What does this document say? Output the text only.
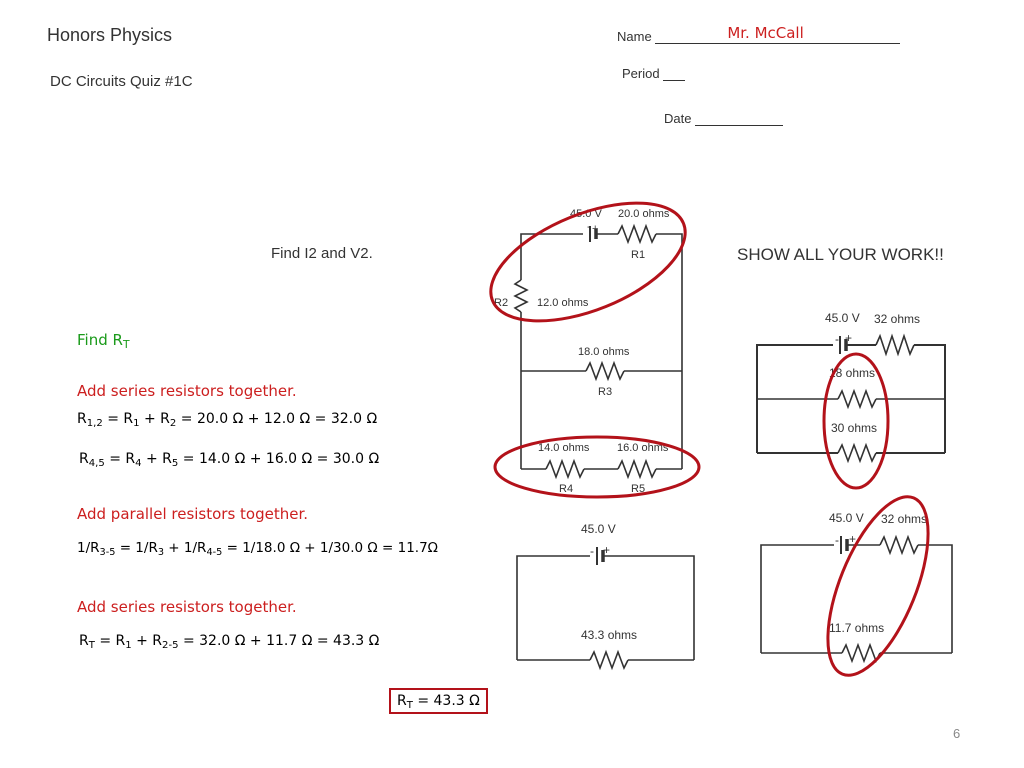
Honors Physics
DC Circuits Quiz #1C
Name	Mr. McCall
Period
Date
Find I2 and V2.	SHOW ALL YOUR WORK!!
Find $R_T$
Add series resistors together.
$R_{1,2} = R_1 + R_2 = 20.0$ Ω + 12.0 Ω = 32.0 Ω
$R_{4,5} = R_4 + R_5 = 14.0$ Ω + 16.0 Ω = 30.0 Ω
Add parallel resistors together.
$1/R_{3-5} = 1/R_3 + 1/R_{4-5} = 1/18.0$ Ω + 1/30.0 Ω = 11.7Ω
Add series resistors together.
$R_T = R_1 + R_{2-5} = 32.0$ Ω + 11.7 Ω = 43.3 Ω
$R_T = 43.3$ Ω
- +
45.0 V 20.0 ohms
R1
R2	12.0 ohms
18.0 ohms
R3
14.0 ohms	16.0 ohms
R4	R5
- +
45.0 V 32 ohms
18 ohms
30 ohms
- +
45.0 V 32 ohms
11.7 ohms
- +
45.0 V
43.3 ohms
6
